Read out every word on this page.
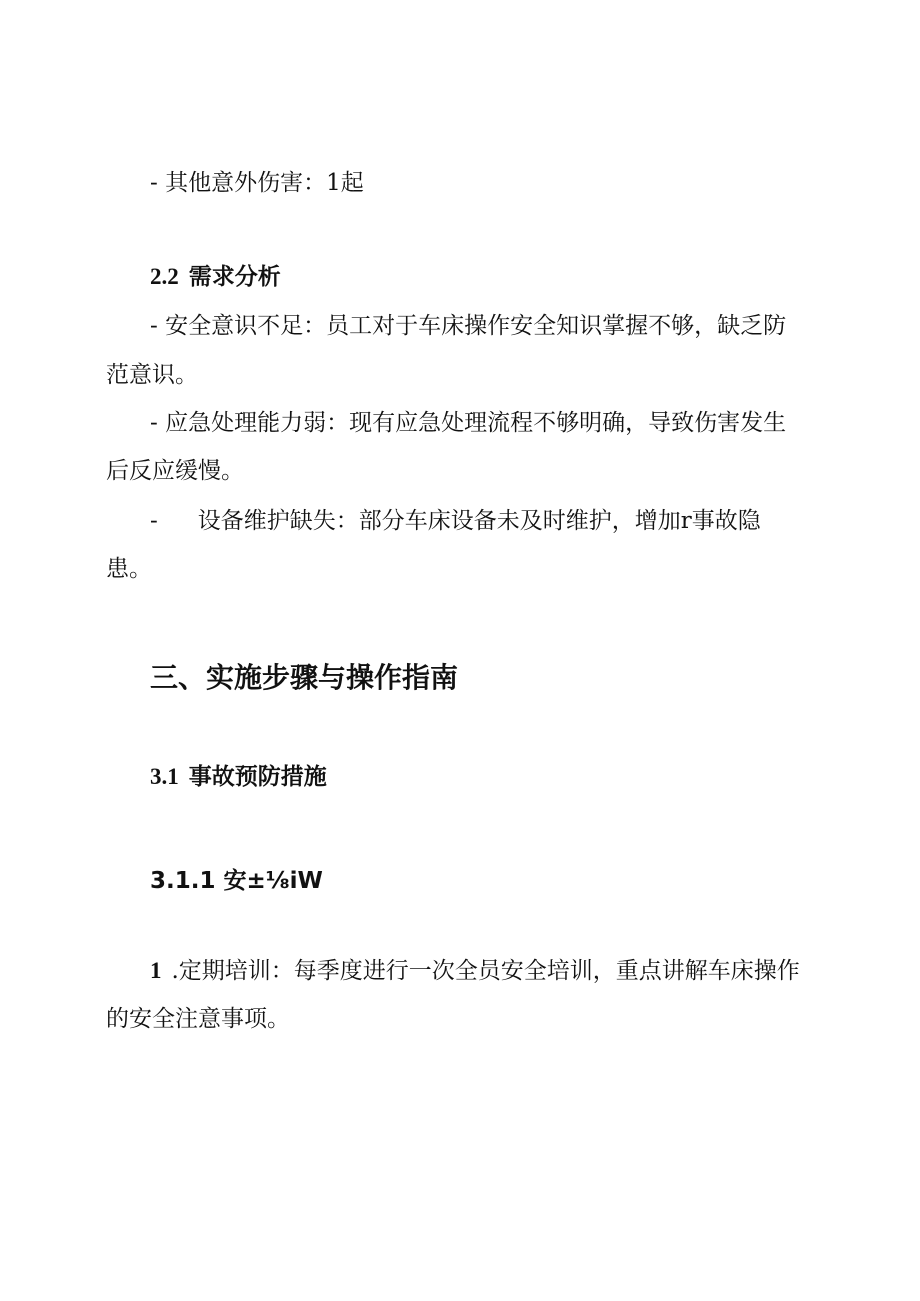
- 其他意外伤害：1起
2.2 需求分析
- 安全意识不足：员工对于车床操作安全知识掌握不够，缺乏防
范意识。
- 应急处理能力弱：现有应急处理流程不够明确，导致伤害发生
后反应缓慢。
- 设备维护缺失：部分车床设备未及时维护，增加r事故隐
患。
三、实施步骤与操作指南
3.1 事故预防措施
3.1.1 安±⅛iW
1 .定期培训：每季度进行一次全员安全培训，重点讲解车床操作
的安全注意事项。
